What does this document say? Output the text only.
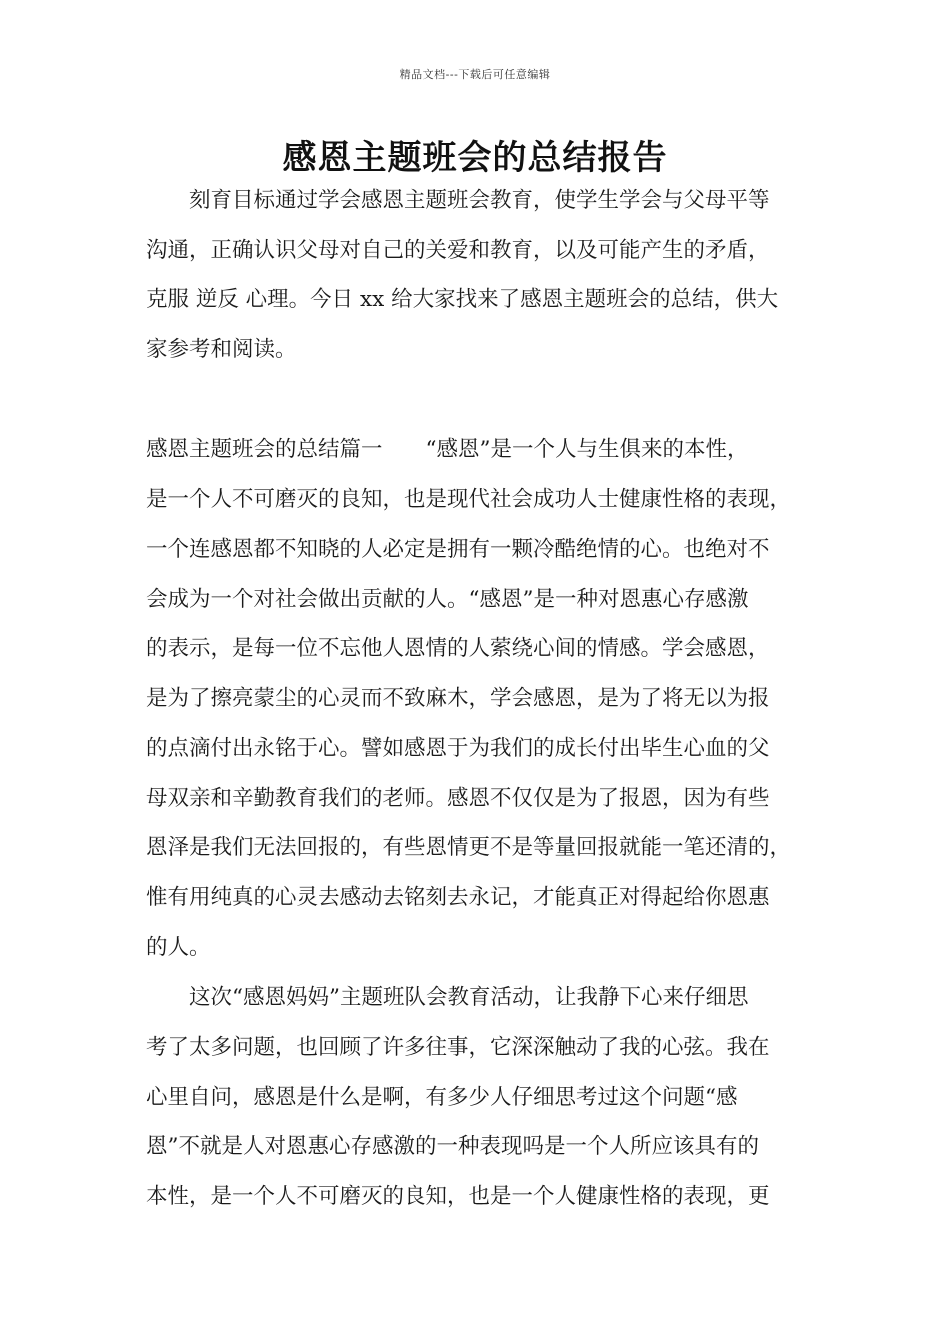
精品文档---下载后可任意编辑
感恩主题班会的总结报告
　　刻育目标通过学会感恩主题班会教育，使学生学会与父母平等
沟通，正确认识父母对自己的关爱和教育，以及可能产生的矛盾，
克服 逆反 心理。今日 xx 给大家找来了感恩主题班会的总结，供大
家参考和阅读。
感恩主题班会的总结篇一　　“感恩”是一个人与生俱来的本性，
是一个人不可磨灭的良知，也是现代社会成功人士健康性格的表现，
一个连感恩都不知晓的人必定是拥有一颗冷酷绝情的心。也绝对不
会成为一个对社会做出贡献的人。“感恩”是一种对恩惠心存感激
的表示，是每一位不忘他人恩情的人萦绕心间的情感。学会感恩，
是为了擦亮蒙尘的心灵而不致麻木，学会感恩，是为了将无以为报
的点滴付出永铭于心。譬如感恩于为我们的成长付出毕生心血的父
母双亲和辛勤教育我们的老师。感恩不仅仅是为了报恩，因为有些
恩泽是我们无法回报的，有些恩情更不是等量回报就能一笔还清的，
惟有用纯真的心灵去感动去铭刻去永记，才能真正对得起给你恩惠
的人。
　　这次“感恩妈妈”主题班队会教育活动，让我静下心来仔细思
考了太多问题，也回顾了许多往事，它深深触动了我的心弦。我在
心里自问，感恩是什么是啊，有多少人仔细思考过这个问题“感
恩”不就是人对恩惠心存感激的一种表现吗是一个人所应该具有的
本性，是一个人不可磨灭的良知，也是一个人健康性格的表现，更
